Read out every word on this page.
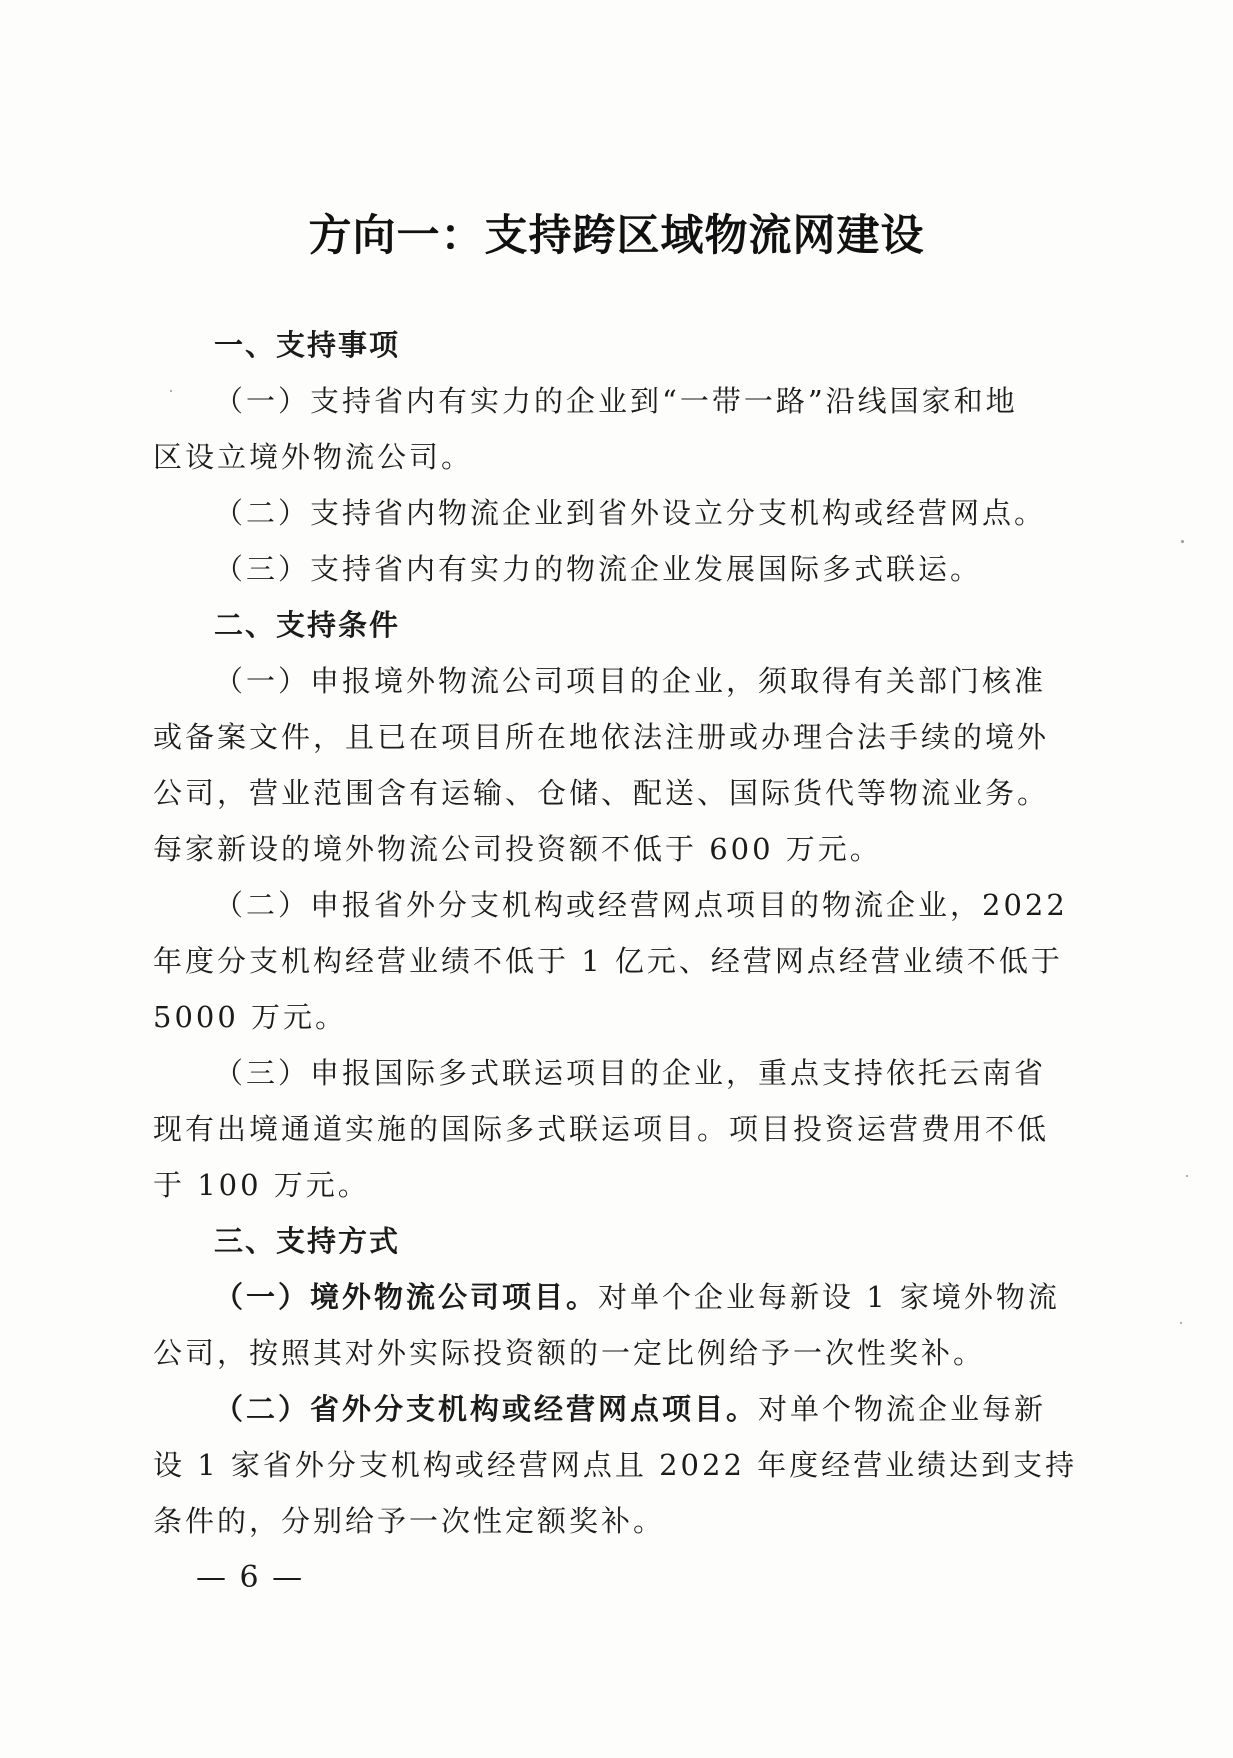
方向一：支持跨区域物流网建设
一、支持事项
（一）支持省内有实力的企业到“一带一路”沿线国家和地
区设立境外物流公司。
（二）支持省内物流企业到省外设立分支机构或经营网点。
（三）支持省内有实力的物流企业发展国际多式联运。
二、支持条件
（一）申报境外物流公司项目的企业，须取得有关部门核准
或备案文件，且已在项目所在地依法注册或办理合法手续的境外
公司，营业范围含有运输、仓储、配送、国际货代等物流业务。
每家新设的境外物流公司投资额不低于 600 万元。
（二）申报省外分支机构或经营网点项目的物流企业，2022
年度分支机构经营业绩不低于 1 亿元、经营网点经营业绩不低于
5000 万元。
（三）申报国际多式联运项目的企业，重点支持依托云南省
现有出境通道实施的国际多式联运项目。项目投资运营费用不低
于 100 万元。
三、支持方式
（一）境外物流公司项目。对单个企业每新设 1 家境外物流
公司，按照其对外实际投资额的一定比例给予一次性奖补。
（二）省外分支机构或经营网点项目。对单个物流企业每新
设 1 家省外分支机构或经营网点且 2022 年度经营业绩达到支持
条件的，分别给予一次性定额奖补。
— 6 —
